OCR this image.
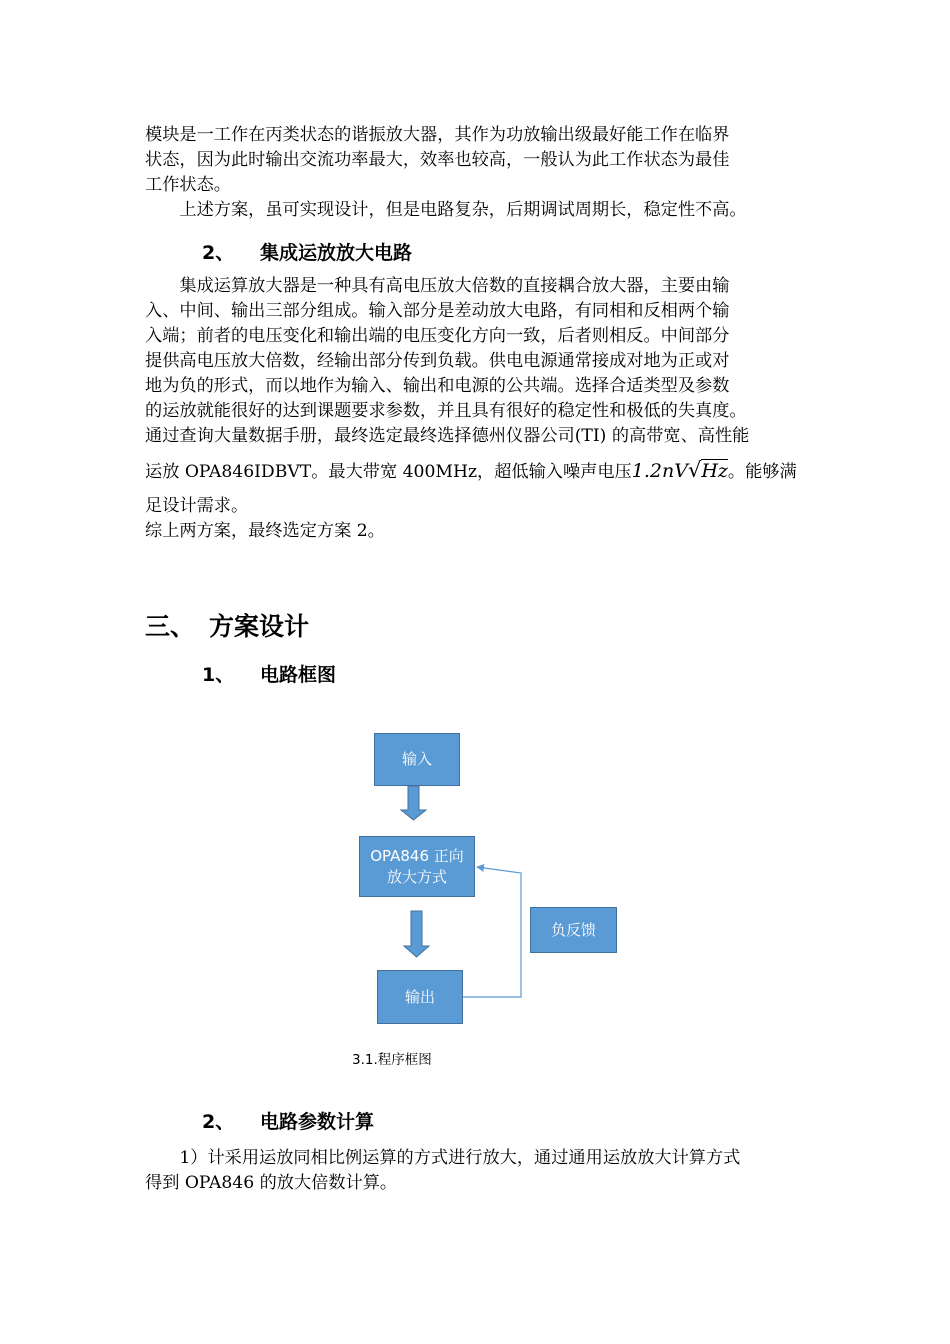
模块是一工作在丙类状态的谐振放大器，其作为功放输出级最好能工作在临界
状态，因为此时输出交流功率最大，效率也较高，一般认为此工作状态为最佳
工作状态。
　　上述方案，虽可实现设计，但是电路复杂，后期调试周期长，稳定性不高。
2、 集成运放放大电路
　　集成运算放大器是一种具有高电压放大倍数的直接耦合放大器，主要由输
入、中间、输出三部分组成。输入部分是差动放大电路，有同相和反相两个输
入端；前者的电压变化和输出端的电压变化方向一致，后者则相反。中间部分
提供高电压放大倍数，经输出部分传到负载。供电电源通常接成对地为正或对
地为负的形式，而以地作为输入、输出和电源的公共端。选择合适类型及参数
的运放就能很好的达到课题要求参数，并且具有很好的稳定性和极低的失真度。
通过查询大量数据手册，最终选定最终选择德州仪器公司(TI) 的高带宽、高性能
运放 OPA846IDBVT。最大带宽 400MHz，超低输入噪声电压1.2nV√Hz。能够满
足设计需求。
综上两方案，最终选定方案 2。
三、 方案设计
1、 电路框图
输入
OPA846 正向
放大方式
负反馈
输出
3.1.程序框图
2、 电路参数计算
　　1）计采用运放同相比例运算的方式进行放大，通过通用运放放大计算方式
得到 OPA846 的放大倍数计算。
